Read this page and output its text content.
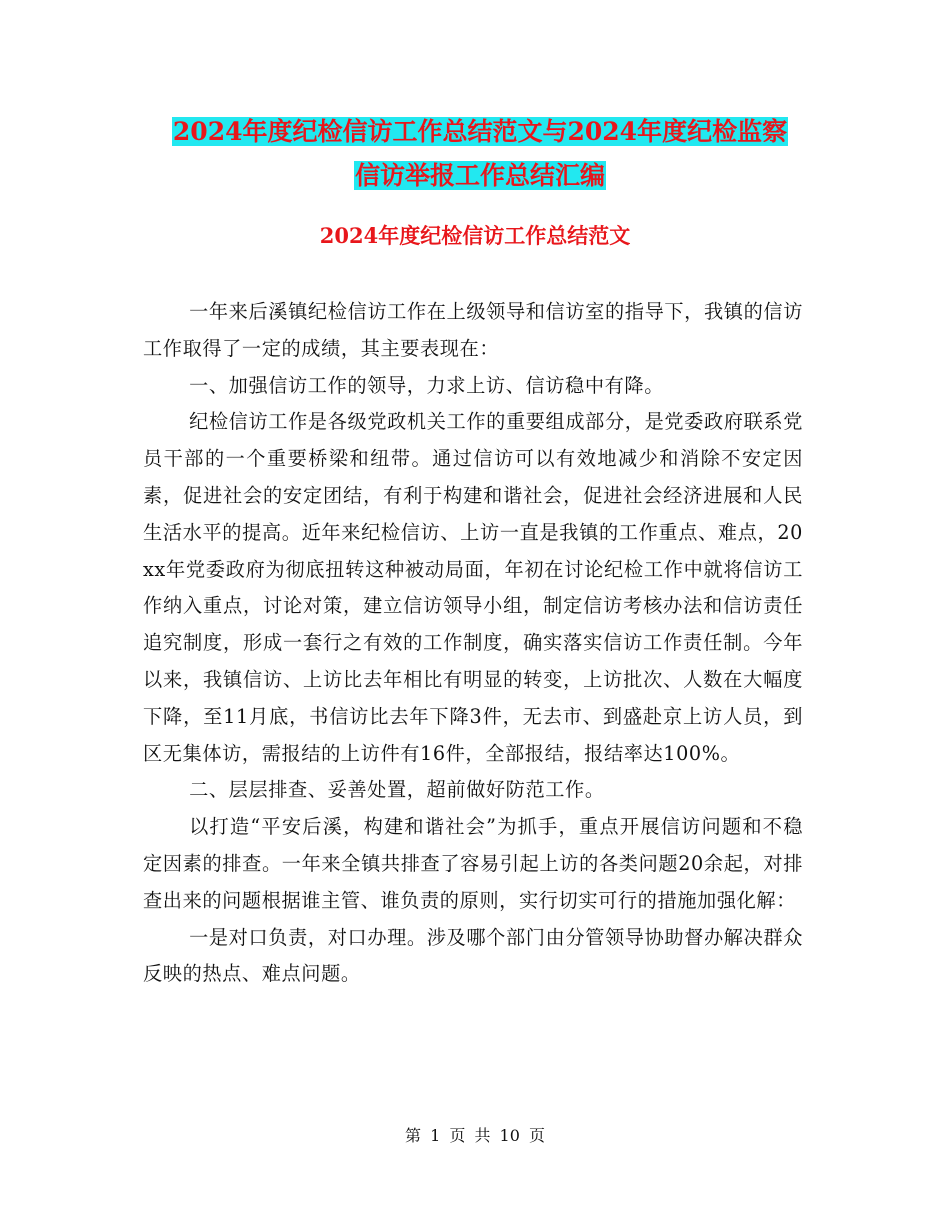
2024年度纪检信访工作总结范文与2024年度纪检监察
信访举报工作总结汇编
2024年度纪检信访工作总结范文

一年来后溪镇纪检信访工作在上级领导和信访室的指导下，我镇的信访工作取得了一定的成绩，其主要表现在：

一、加强信访工作的领导，力求上访、信访稳中有降。

纪检信访工作是各级党政机关工作的重要组成部分，是党委政府联系党员干部的一个重要桥梁和纽带。通过信访可以有效地减少和消除不安定因素，促进社会的安定团结，有利于构建和谐社会，促进社会经济进展和人民生活水平的提高。近年来纪检信访、上访一直是我镇的工作重点、难点，20xx年党委政府为彻底扭转这种被动局面，年初在讨论纪检工作中就将信访工作纳入重点，讨论对策，建立信访领导小组，制定信访考核办法和信访责任追究制度，形成一套行之有效的工作制度，确实落实信访工作责任制。今年以来，我镇信访、上访比去年相比有明显的转变，上访批次、人数在大幅度下降，至11月底，书信访比去年下降3件，无去市、到盛赴京上访人员，到区无集体访，需报结的上访件有16件，全部报结，报结率达100%。

二、层层排查、妥善处置，超前做好防范工作。

以打造“平安后溪，构建和谐社会”为抓手，重点开展信访问题和不稳定因素的排查。一年来全镇共排查了容易引起上访的各类问题20余起，对排查出来的问题根据谁主管、谁负责的原则，实行切实可行的措施加强化解：

一是对口负责，对口办理。涉及哪个部门由分管领导协助督办解决群众反映的热点、难点问题。

第 1 页 共 10 页
